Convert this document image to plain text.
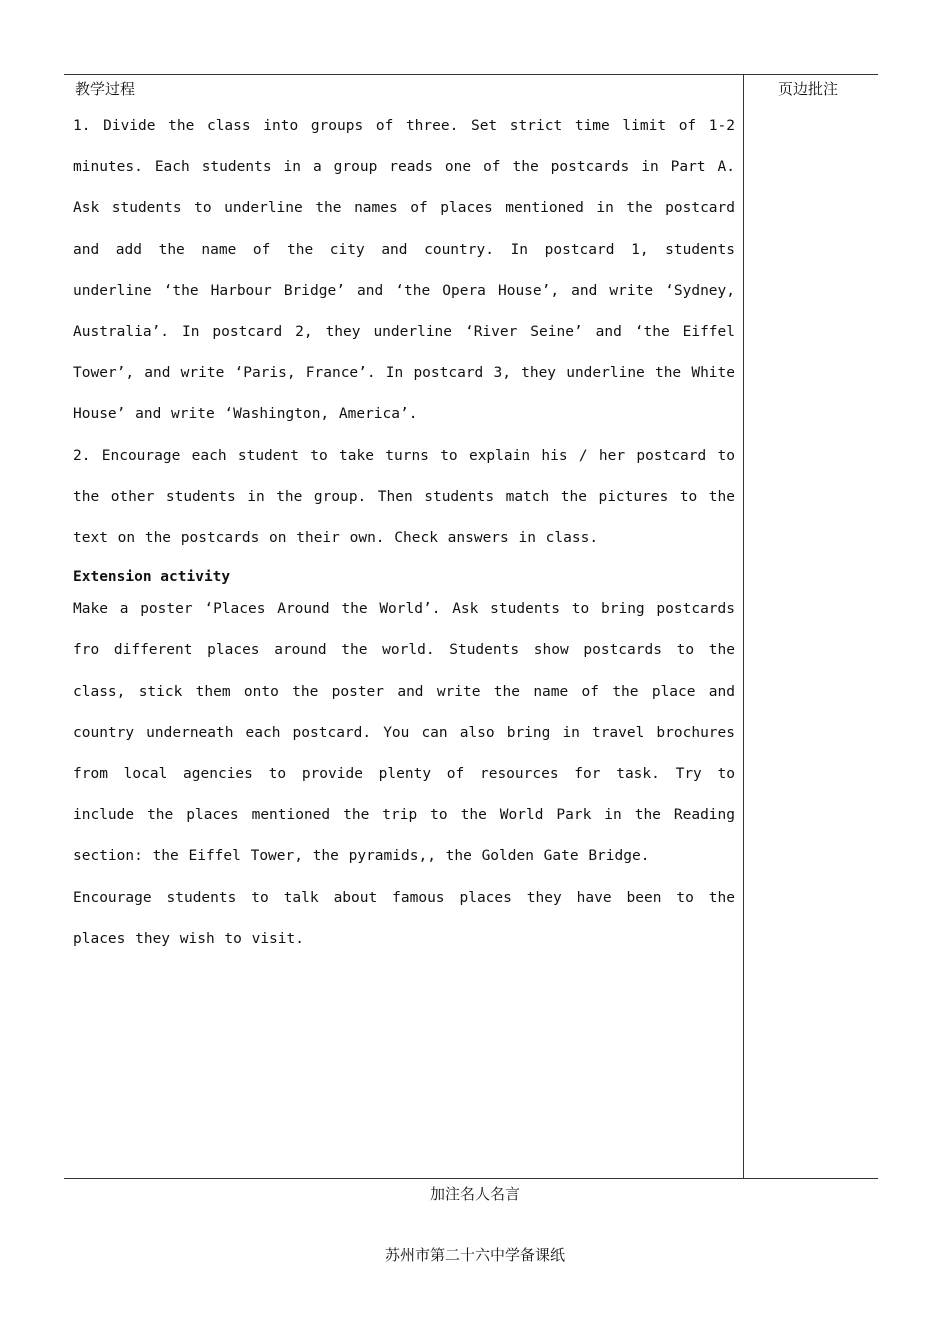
教学过程	页边批注

1. Divide the class into groups of three. Set strict time limit of 1-2 minutes. Each students in a group reads one of the postcards in Part A. Ask students to underline the names of places mentioned in the postcard and add the name of the city and country. In postcard 1, students underline ‘the Harbour Bridge’ and ‘the Opera House’, and write ‘Sydney, Australia’. In postcard 2, they underline ‘River Seine’ and ‘the Eiffel Tower’, and write ‘Paris, France’. In postcard 3, they underline the White House’ and write ‘Washington, America’.

2. Encourage each student to take turns to explain his / her postcard to the other students in the group. Then students match the pictures to the text on the postcards on their own. Check answers in class.

Extension activity

Make a poster ‘Places Around the World’. Ask students to bring postcards fro different places around the world. Students show postcards to the class, stick them onto the poster and write the name of the place and country underneath each postcard. You can also bring in travel brochures from local agencies to provide plenty of resources for task. Try to include the places mentioned the trip to the World Park in the Reading section: the Eiffel Tower, the pyramids,, the Golden Gate Bridge.

Encourage students to talk about famous places they have been to the places they wish to visit.

加注名人名言
苏州市第二十六中学备课纸
